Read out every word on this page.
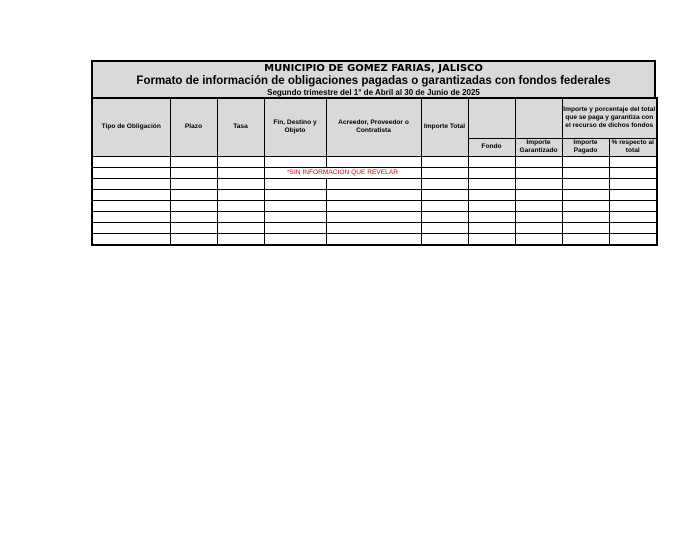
MUNICIPIO DE GOMEZ FARIAS, JALISCO
Formato de información de obligaciones pagadas o garantizadas con fondos federales
Segundo trimestre del 1° de Abril al 30 de Junio de 2025
Tipo de Obligación	Plazo	Tasa	Fin, Destino y Objeto	Acreedor, Proveedor o Contratista	Importe Total			Importe y porcentaje del total que se paga y garantiza con el recurso de dichos fondos	
						Fondo	Importe Garantizado	Importe Pagado	% respecto al total

			*SIN INFORMACION QUE REVELAR						
